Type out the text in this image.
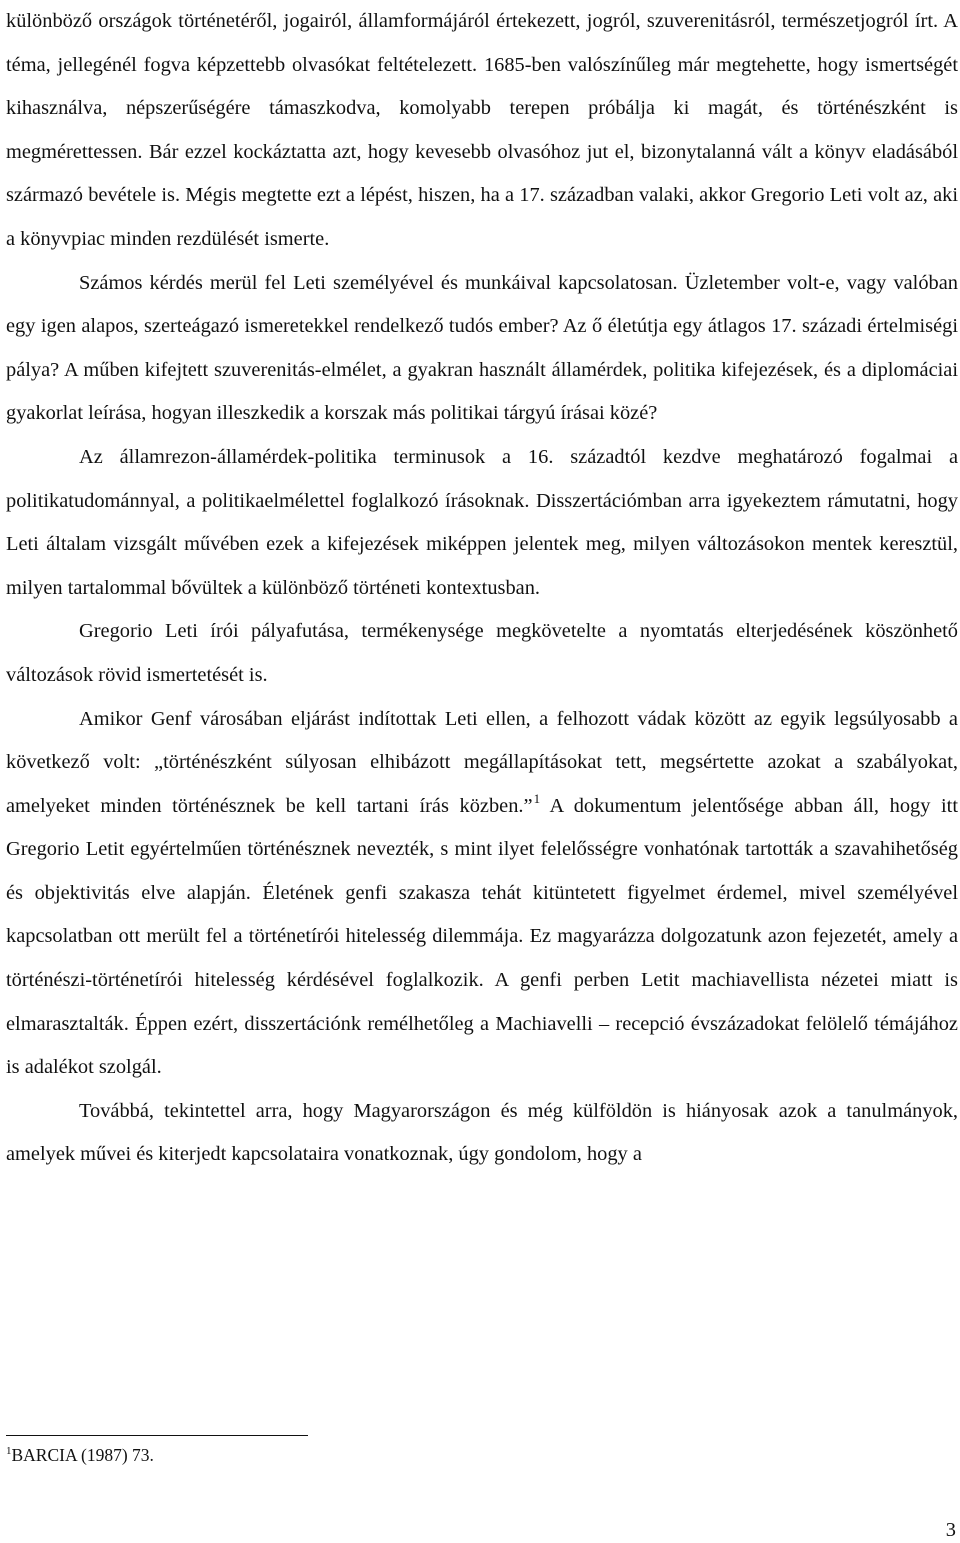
különböző országok történetéről, jogairól, államformájáról értekezett, jogról, szuverenitásról, természetjogról írt. A téma, jellegénél fogva képzettebb olvasókat feltételezett. 1685-ben valószínűleg már megtehette, hogy ismertségét kihasználva, népszerűségére támaszkodva, komolyabb terepen próbálja ki magát, és történészként is megmérettessen. Bár ezzel kockáztatta azt, hogy kevesebb olvasóhoz jut el, bizonytalanná vált a könyv eladásából származó bevétele is. Mégis megtette ezt a lépést, hiszen, ha a 17. században valaki, akkor Gregorio Leti volt az, aki a könyvpiac minden rezdülését ismerte.

Számos kérdés merül fel Leti személyével és munkáival kapcsolatosan. Üzletember volt-e, vagy valóban egy igen alapos, szerteágazó ismeretekkel rendelkező tudós ember? Az ő életútja egy átlagos 17. századi értelmiségi pálya? A műben kifejtett szuverenitás-elmélet, a gyakran használt államérdek, politika kifejezések, és a diplomáciai gyakorlat leírása, hogyan illeszkedik a korszak más politikai tárgyú írásai közé?

Az államrezon-államérdek-politika terminusok a 16. századtól kezdve meghatározó fogalmai a politikatudománnyal, a politikaelmélettel foglalkozó írásoknak. Disszertációmban arra igyekeztem rámutatni, hogy Leti általam vizsgált művében ezek a kifejezések miképpen jelentek meg, milyen változásokon mentek keresztül, milyen tartalommal bővültek a különböző történeti kontextusban.

Gregorio Leti írói pályafutása, termékenysége megkövetelte a nyomtatás elterjedésének köszönhető változások rövid ismertetését is.

Amikor Genf városában eljárást indítottak Leti ellen, a felhozott vádak között az egyik legsúlyosabb a következő volt: „történészként súlyosan elhibázott megállapításokat tett, megsértette azokat a szabályokat, amelyeket minden történésznek be kell tartani írás közben.”$^1$ A dokumentum jelentősége abban áll, hogy itt Gregorio Letit egyértelműen történésznek nevezték, s mint ilyet felelősségre vonhatónak tartották a szavahihetőség és objektivitás elve alapján. Életének genfi szakasza tehát kitüntetett figyelmet érdemel, mivel személyével kapcsolatban ott merült fel a történetírói hitelesség dilemmája. Ez magyarázza dolgozatunk azon fejezetét, amely a történészi-történetírói hitelesség kérdésével foglalkozik. A genfi perben Letit machiavellista nézetei miatt is elmarasztalták. Éppen ezért, disszertációnk remélhetőleg a Machiavelli – recepció évszázadokat felölelő témájához is adalékot szolgál.

Továbbá, tekintettel arra, hogy Magyarországon és még külföldön is hiányosak azok a tanulmányok, amelyek művei és kiterjedt kapcsolataira vonatkoznak, úgy gondolom, hogy a

$^1$BARCIA (1987) 73.
3
